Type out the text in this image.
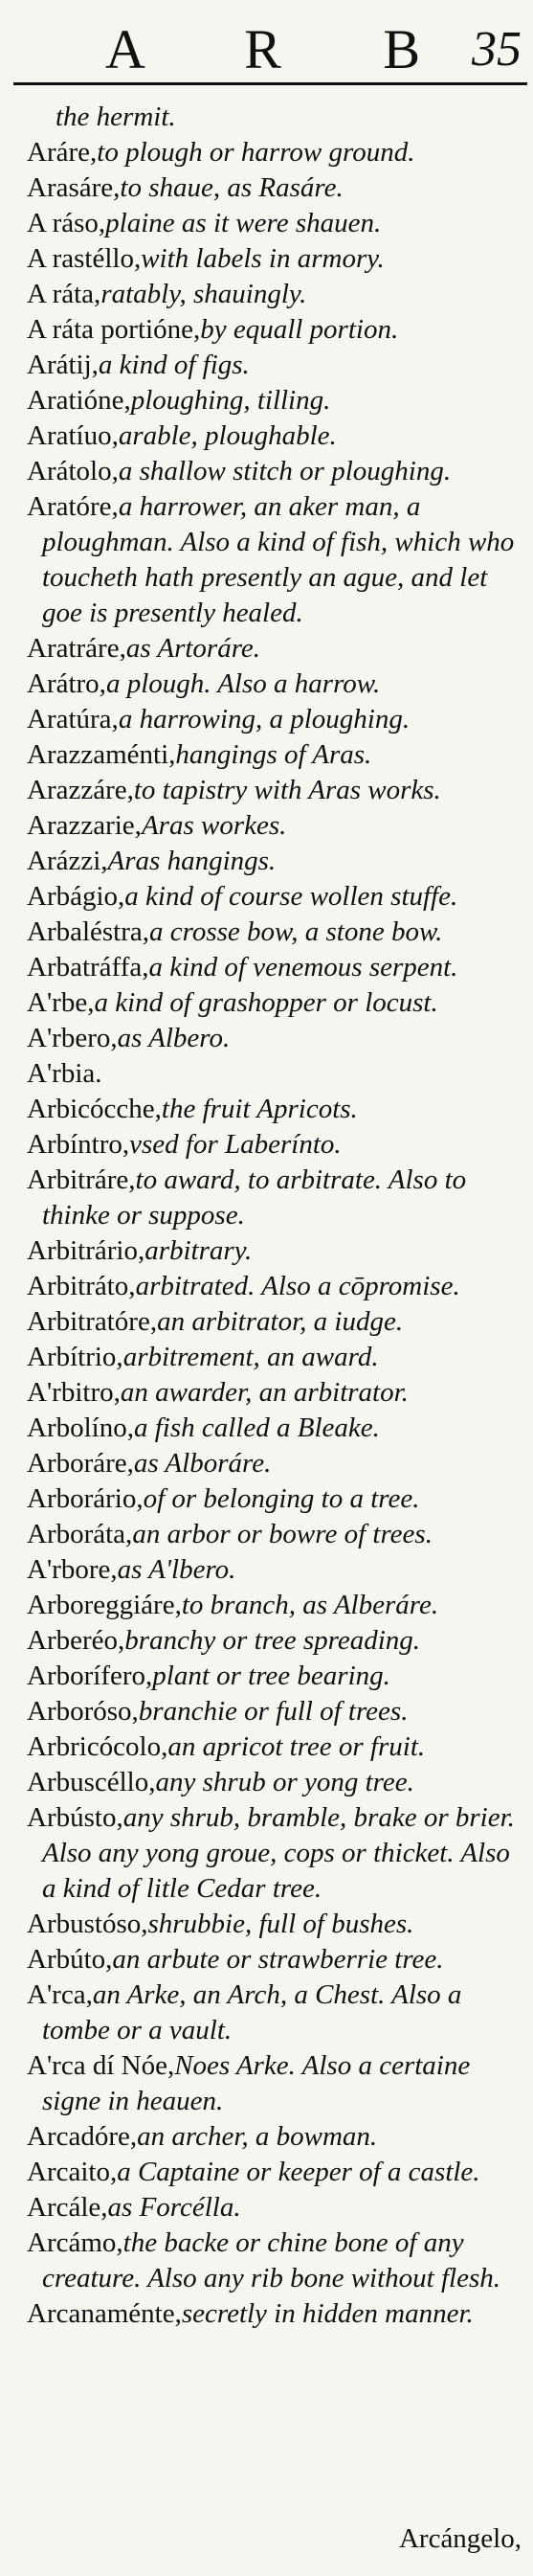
A R B 35

the hermit.

Aráre,to plough or harrow ground.

Arasáre,to shaue, as Rasáre.

A ráso,plaine as it were shauen.

A rastéllo,with labels in armory.

A ráta,ratably, shauingly.

A ráta portióne,by equall portion.

Arátij,a kind of figs.

Aratióne,ploughing, tilling.

Aratíuo,arable, ploughable.

Arátolo,a shallow stitch or ploughing.

Aratóre,a harrower, an aker man, a ploughman. Also a kind of fish, which who toucheth hath presently an ague, and let goe is presently healed.

Aratráre,as Artoráre.

Arátro,a plough. Also a harrow.

Aratúra,a harrowing, a ploughing.

Arazzaménti,hangings of Aras.

Arazzáre,to tapistry with Aras works.

Arazzarie,Aras workes.

Arázzi,Aras hangings.

Arbágio,a kind of course wollen stuffe.

Arbaléstra,a crosse bow, a stone bow.

Arbatráffa,a kind of venemous serpent.

A'rbe,a kind of grashopper or locust.

A'rbero,as Albero.

A'rbia.

Arbicócche,the fruit Apricots.

Arbíntro,vsed for Laberínto.

Arbitráre,to award, to arbitrate. Also to thinke or suppose.

Arbitrário,arbitrary.

Arbitráto,arbitrated. Also a cōpromise.

Arbitratóre,an arbitrator, a iudge.

Arbítrio,arbitrement, an award.

A'rbitro,an awarder, an arbitrator.

Arbolíno,a fish called a Bleake.

Arboráre,as Alboráre.

Arborário,of or belonging to a tree.

Arboráta,an arbor or bowre of trees.

A'rbore,as A'lbero.

Arboreggiáre,to branch, as Alberáre.

Arberéo,branchy or tree spreading.

Arboríferо,plant or tree bearing.

Arboróso,branchie or full of trees.

Arbricócolo,an apricot tree or fruit.

Arbuscéllo,any shrub or yong tree.

Arbústo,any shrub, bramble, brake or brier. Also any yong groue, cops or thicket. Also a kind of litle Cedar tree.

Arbustóso,shrubbie, full of bushes.

Arbúto,an arbute or strawberrie tree.

A'rca,an Arke, an Arch, a Chest. Also a tombe or a vault.

A'rca dí Nóe,Noes Arke. Also a certaine signe in heauen.

Arcadóre,an archer, a bowman.

Arcaito,a Captaine or keeper of a castle.

Arcále,as Forcélla.

Arcámo,the backe or chine bone of any creature. Also any rib bone without flesh.

Arcanaménte,secretly in hidden manner.

Arcángelo,
